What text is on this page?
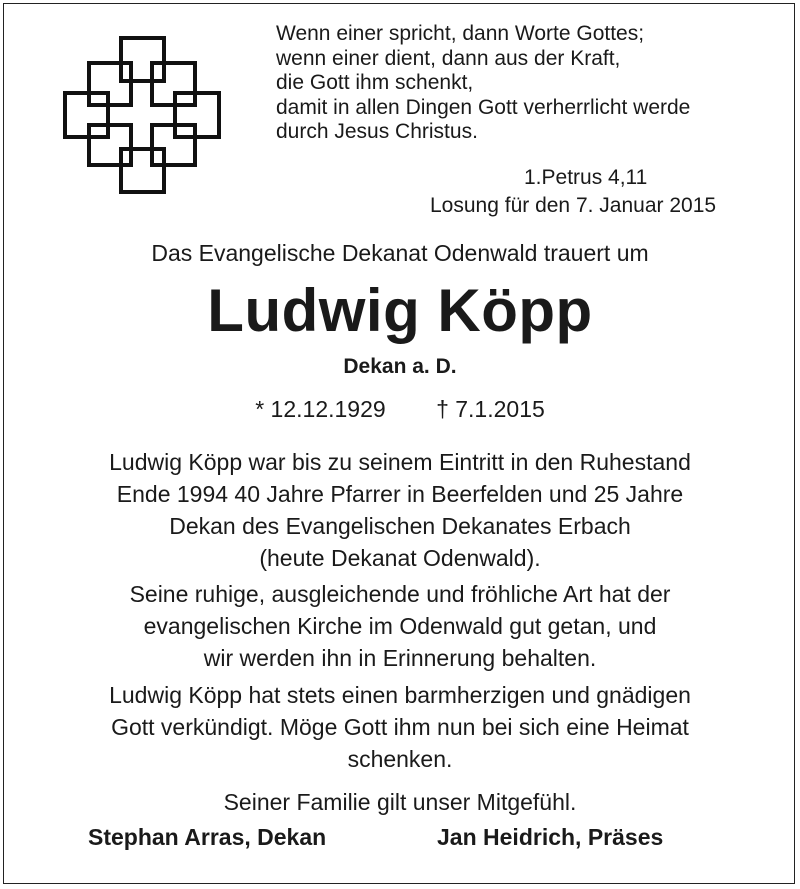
Wenn einer spricht, dann Worte Gottes;
wenn einer dient, dann aus der Kraft,
die Gott ihm schenkt,
damit in allen Dingen Gott verherrlicht werde
durch Jesus Christus.
1.Petrus 4,11
Losung für den 7. Januar 2015
Das Evangelische Dekanat Odenwald trauert um
Ludwig Köpp
Dekan a. D.
* 12.12.1929 † 7.1.2015
Ludwig Köpp war bis zu seinem Eintritt in den Ruhestand
Ende 1994 40 Jahre Pfarrer in Beerfelden und 25 Jahre
Dekan des Evangelischen Dekanates Erbach
(heute Dekanat Odenwald).
Seine ruhige, ausgleichende und fröhliche Art hat der
evangelischen Kirche im Odenwald gut getan, und
wir werden ihn in Erinnerung behalten.
Ludwig Köpp hat stets einen barmherzigen und gnädigen
Gott verkündigt. Möge Gott ihm nun bei sich eine Heimat
schenken.
Seiner Familie gilt unser Mitgefühl.
Stephan Arras, Dekan	Jan Heidrich, Präses
